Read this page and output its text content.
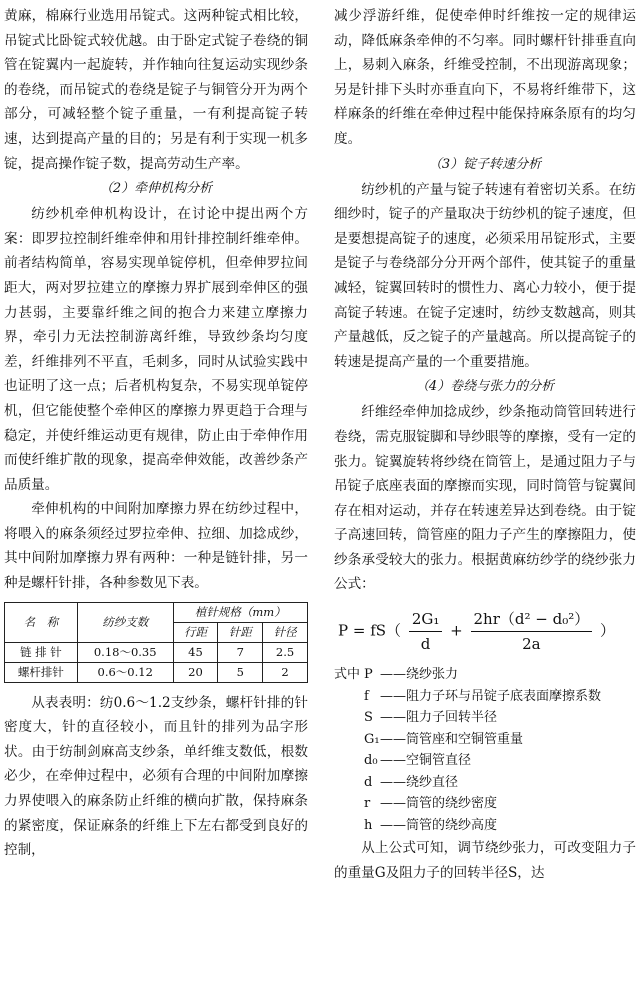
黄麻，棉麻行业选用吊锭式。这两种锭式相比较，吊锭式比卧锭式较优越。由于卧定式锭子卷绕的铜管在锭翼内一起旋转，并作轴向往复运动实现纱条的卷绕，而吊锭式的卷绕是锭子与铜管分开为两个部分，可减轻整个锭子重量，一有利提高锭子转速，达到提高产量的目的；另是有利于实现一机多锭，提高操作锭子数，提高劳动生产率。

（2）牵伸机构分析

纺纱机牵伸机构设计，在讨论中提出两个方案：即罗拉控制纤维牵伸和用针排控制纤维牵伸。前者结构简单，容易实现单锭停机，但牵伸罗拉间距大，两对罗拉建立的摩擦力界扩展到牵伸区的强力甚弱，主要靠纤维之间的抱合力来建立摩擦力界，牵引力无法控制游离纤维，导致纱条均匀度差，纤维排列不平直，毛刺多，同时从试验实践中也证明了这一点；后者机构复杂，不易实现单锭停机，但它能使整个牵伸区的摩擦力界更趋于合理与稳定，并使纤维运动更有规律，防止由于牵伸作用而使纤维扩散的现象，提高牵伸效能，改善纱条产品质量。

牵伸机构的中间附加摩擦力界在纺纱过程中，将喂入的麻条须经过罗拉牵伸、拉细、加捻成纱，其中间附加摩擦力界有两种：一种是链针排，另一种是螺杆针排，各种参数见下表。

名　称	纺纱支数	植针规格（mm）		
		行距	针距	针径
链 排 针	0.18～0.35	45	7	2.5
螺杆排针	0.6～0.12	20	5	2

从表表明：纺0.6～1.2支纱条，螺杆针排的针密度大，针的直径较小，而且针的排列为品字形状。由于纺制剑麻高支纱条，单纤维支数低，根数必少，在牵伸过程中，必须有合理的中间附加摩擦力界使喂入的麻条防止纤维的横向扩散，保持麻条的紧密度，保证麻条的纤维上下左右都受到良好的控制，

减少浮游纤维，促使牵伸时纤维按一定的规律运动，降低麻条牵伸的不匀率。同时螺杆针排垂直向上，易刺入麻条，纤维受控制，不出现游离现象；另是针排下头时亦垂直向下，不易将纤维带下，这样麻条的纤维在牵伸过程中能保持麻条原有的均匀度。

（3）锭子转速分析

纺纱机的产量与锭子转速有着密切关系。在纺细纱时，锭子的产量取决于纺纱机的锭子速度，但是要想提高锭子的速度，必须采用吊锭形式，主要是锭子与卷绕部分分开两个部件，使其锭子的重量减轻，锭翼回转时的惯性力、离心力较小，便于提高锭子转速。在锭子定速时，纺纱支数越高，则其产量越低，反之锭子的产量越高。所以提高锭子的转速是提高产量的一个重要措施。

（4）卷绕与张力的分析

纤维经牵伸加捻成纱，纱条拖动筒管回转进行卷绕，需克服锭脚和导纱眼等的摩擦，受有一定的张力。锭翼旋转将纱绕在筒管上，是通过阻力子与吊锭子底座表面的摩擦而实现，同时筒管与锭翼间存在相对运动，并存在转速差异达到卷绕。由于锭子高速回转，筒管座的阻力子产生的摩擦阻力，使纱条承受较大的张力。根据黄麻纺纱学的绕纱张力公式：

$P = fS( \frac{\text{2G₁}}{d} + \frac{\text{2hr（d² − d₀²）}}{2a}$ ）
式中 P ——绕纱张力
f ——阻力子环与吊锭子底表面摩擦系数
S ——阻力子回转半径
G₁ ——筒管座和空铜管重量
d₀ ——空铜管直径
d ——绕纱直径
r ——筒管的绕纱密度
h ——筒管的绕纱高度

从上公式可知，调节绕纱张力，可改变阻力子的重量G及阻力子的回转半径S，达
